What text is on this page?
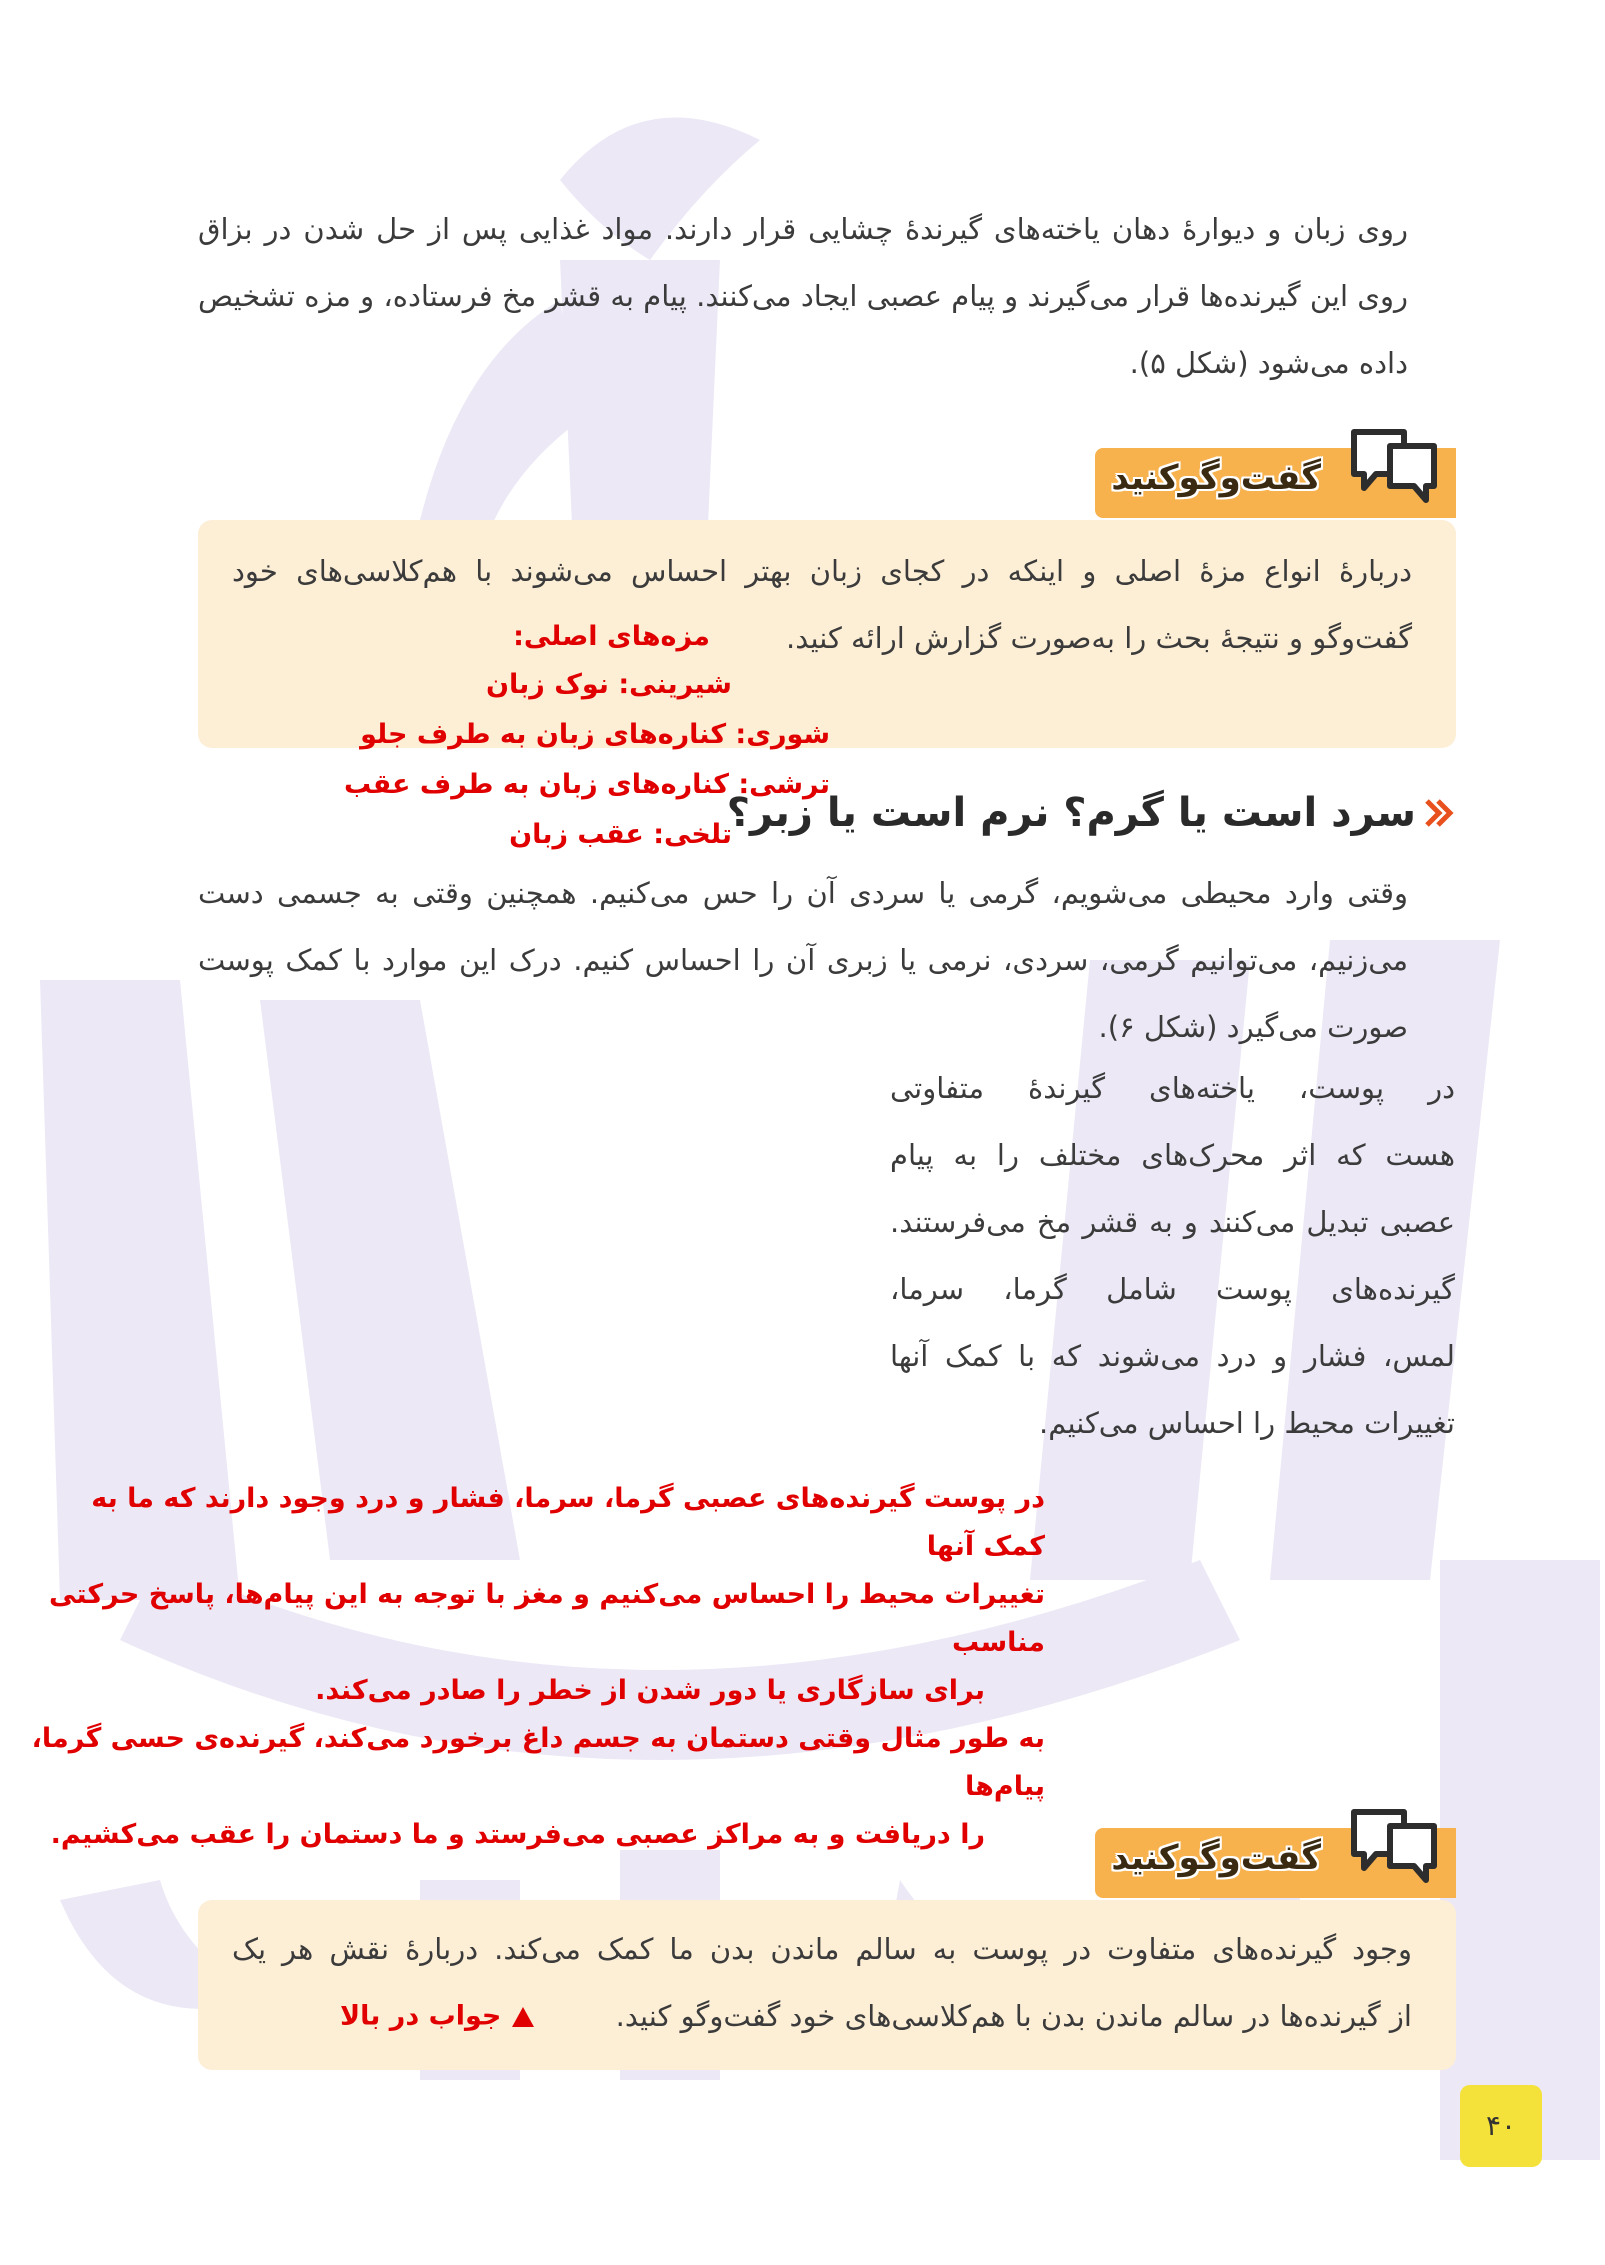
روی زبان و دیوارهٔ دهان یاخته‌های گیرندهٔ چشایی قرار دارند. مواد غذایی پس از حل شدن در بزاق
روی این گیرنده‌ها قرار می‌گیرند و پیام عصبی ایجاد می‌کنند. پیام به قشر مخ فرستاده، و مزه تشخیص
داده می‌شود (شکل ۵).
گفت‌وگوکنید
دربارهٔ انواع مزهٔ اصلی و اینکه در کجای زبان بهتر احساس می‌شوند با هم‌کلاسی‌های خود
گفت‌وگو و نتیجهٔ بحث را به‌صورت گزارش ارائه کنید.
مزه‌های اصلی:
شیرینی: نوک زبان
شوری: کناره‌های زبان به طرف جلو
ترشی: کناره‌های زبان به طرف عقب
تلخی: عقب زبان
سرد است یا گرم؟ نرم است یا زبر؟
وقتی وارد محیطی می‌شویم، گرمی یا سردی آن را حس می‌کنیم. همچنین وقتی به جسمی دست
می‌زنیم، می‌توانیم گرمی، سردی، نرمی یا زبری آن را احساس کنیم. درک این موارد با کمک پوست
صورت می‌گیرد (شکل ۶).
در پوست، یاخته‌های گیرندهٔ متفاوتی
هست که اثر محرک‌های مختلف را به پیام
عصبی تبدیل می‌کنند و به قشر مخ می‌فرستند.
گیرنده‌های پوست شامل گرما، سرما،
لمس، فشار و درد می‌شوند که با کمک آنها
تغییرات محیط را احساس می‌کنیم.
در پوست گیرنده‌های عصبی گرما، سرما، فشار و درد وجود دارند که ما به کمک آنها
تغییرات محیط را احساس می‌کنیم و مغز با توجه به این پیام‌ها، پاسخ حرکتی مناسب
برای سازگاری یا دور شدن از خطر را صادر می‌کند.
به طور مثال وقتی دستمان به جسم داغ برخورد می‌کند، گیرنده‌ی حسی گرما، پیام‌ها
را دریافت و به مراکز عصبی می‌فرستد و ما دستمان را عقب می‌کشیم.
گفت‌وگوکنید
وجود گیرنده‌های متفاوت در پوست به سالم ماندن بدن ما کمک می‌کند. دربارهٔ نقش هر یک
از گیرنده‌ها در سالم ماندن بدن با هم‌کلاسی‌های خود گفت‌وگو کنید.
جواب در بالا
۴۰
